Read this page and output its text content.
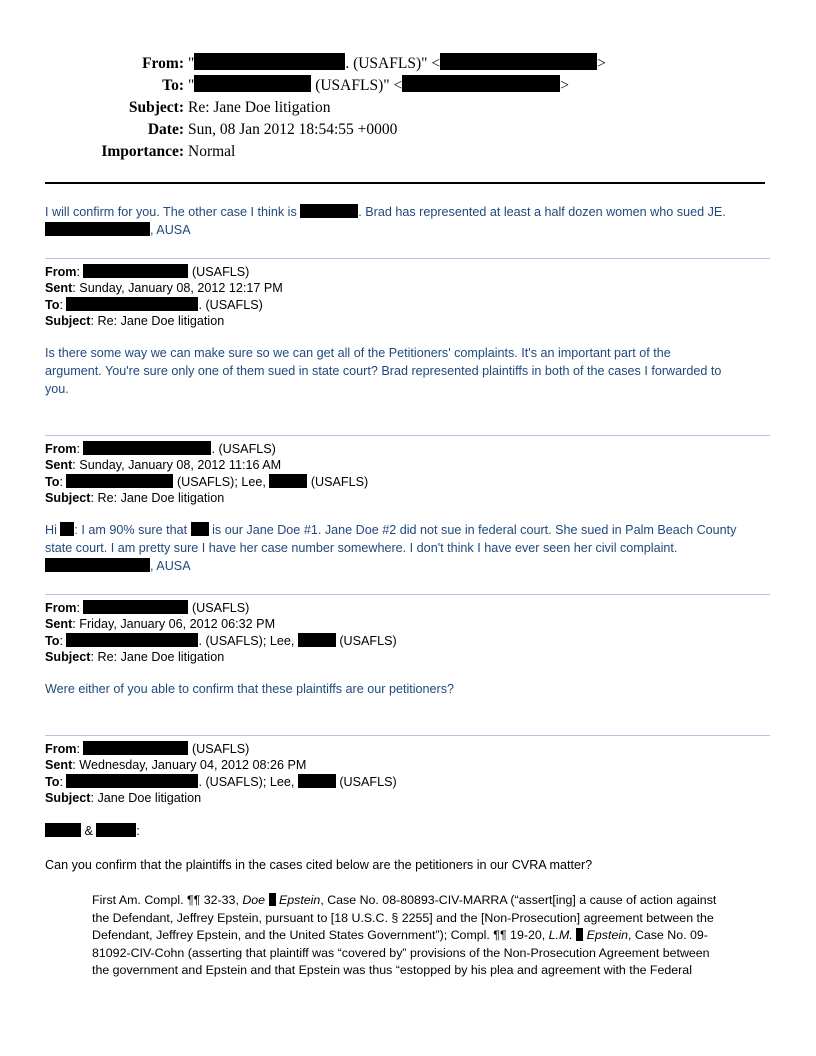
From: "	. (USAFLS)" <	>
To: "	(USAFLS)" <	>
Subject: Re: Jane Doe litigation
Date: Sun, 08 Jan 2012 18:54:55 +0000
Importance: Normal
I will confirm for you. The other case I think is	. Brad has represented at least a half dozen women who sued JE.
, AUSA
From:	(USAFLS)
Sent: Sunday, January 08, 2012 12:17 PM
To:	. (USAFLS)
Subject: Re: Jane Doe litigation
Is there some way we can make sure so we can get all of the Petitioners' complaints. It's an important part of the
argument. You're sure only one of them sued in state court? Brad represented plaintiffs in both of the cases I forwarded to
you.
From:	. (USAFLS)
Sent: Sunday, January 08, 2012 11:16 AM
To:	(USAFLS); Lee,	(USAFLS)
Subject: Re: Jane Doe litigation
Hi : I am 90% sure that  is our Jane Doe #1. Jane Doe #2 did not sue in federal court. She sued in Palm Beach County
state court. I am pretty sure I have her case number somewhere. I don't think I have ever seen her civil complaint.
, AUSA
From:	(USAFLS)
Sent: Friday, January 06, 2012 06:32 PM
To:	. (USAFLS); Lee,	(USAFLS)
Subject: Re: Jane Doe litigation
Were either of you able to confirm that these plaintiffs are our petitioners?
From:	(USAFLS)
Sent: Wednesday, January 04, 2012 08:26 PM
To:	. (USAFLS); Lee,	(USAFLS)
Subject: Jane Doe litigation
&	:
Can you confirm that the plaintiffs in the cases cited below are the petitioners in our CVRA matter?
First Am. Compl. ¶¶ 32-33, Doe Epstein, Case No. 08-80893-CIV-MARRA (“assert[ing] a cause of action against
the Defendant, Jeffrey Epstein, pursuant to [18 U.S.C. § 2255] and the [Non-Prosecution] agreement between the
Defendant, Jeffrey Epstein, and the United States Government”); Compl. ¶¶ 19-20, L.M. Epstein, Case No. 09-
81092-CIV-Cohn (asserting that plaintiff was “covered by” provisions of the Non-Prosecution Agreement between
the government and Epstein and that Epstein was thus “estopped by his plea and agreement with the Federal
